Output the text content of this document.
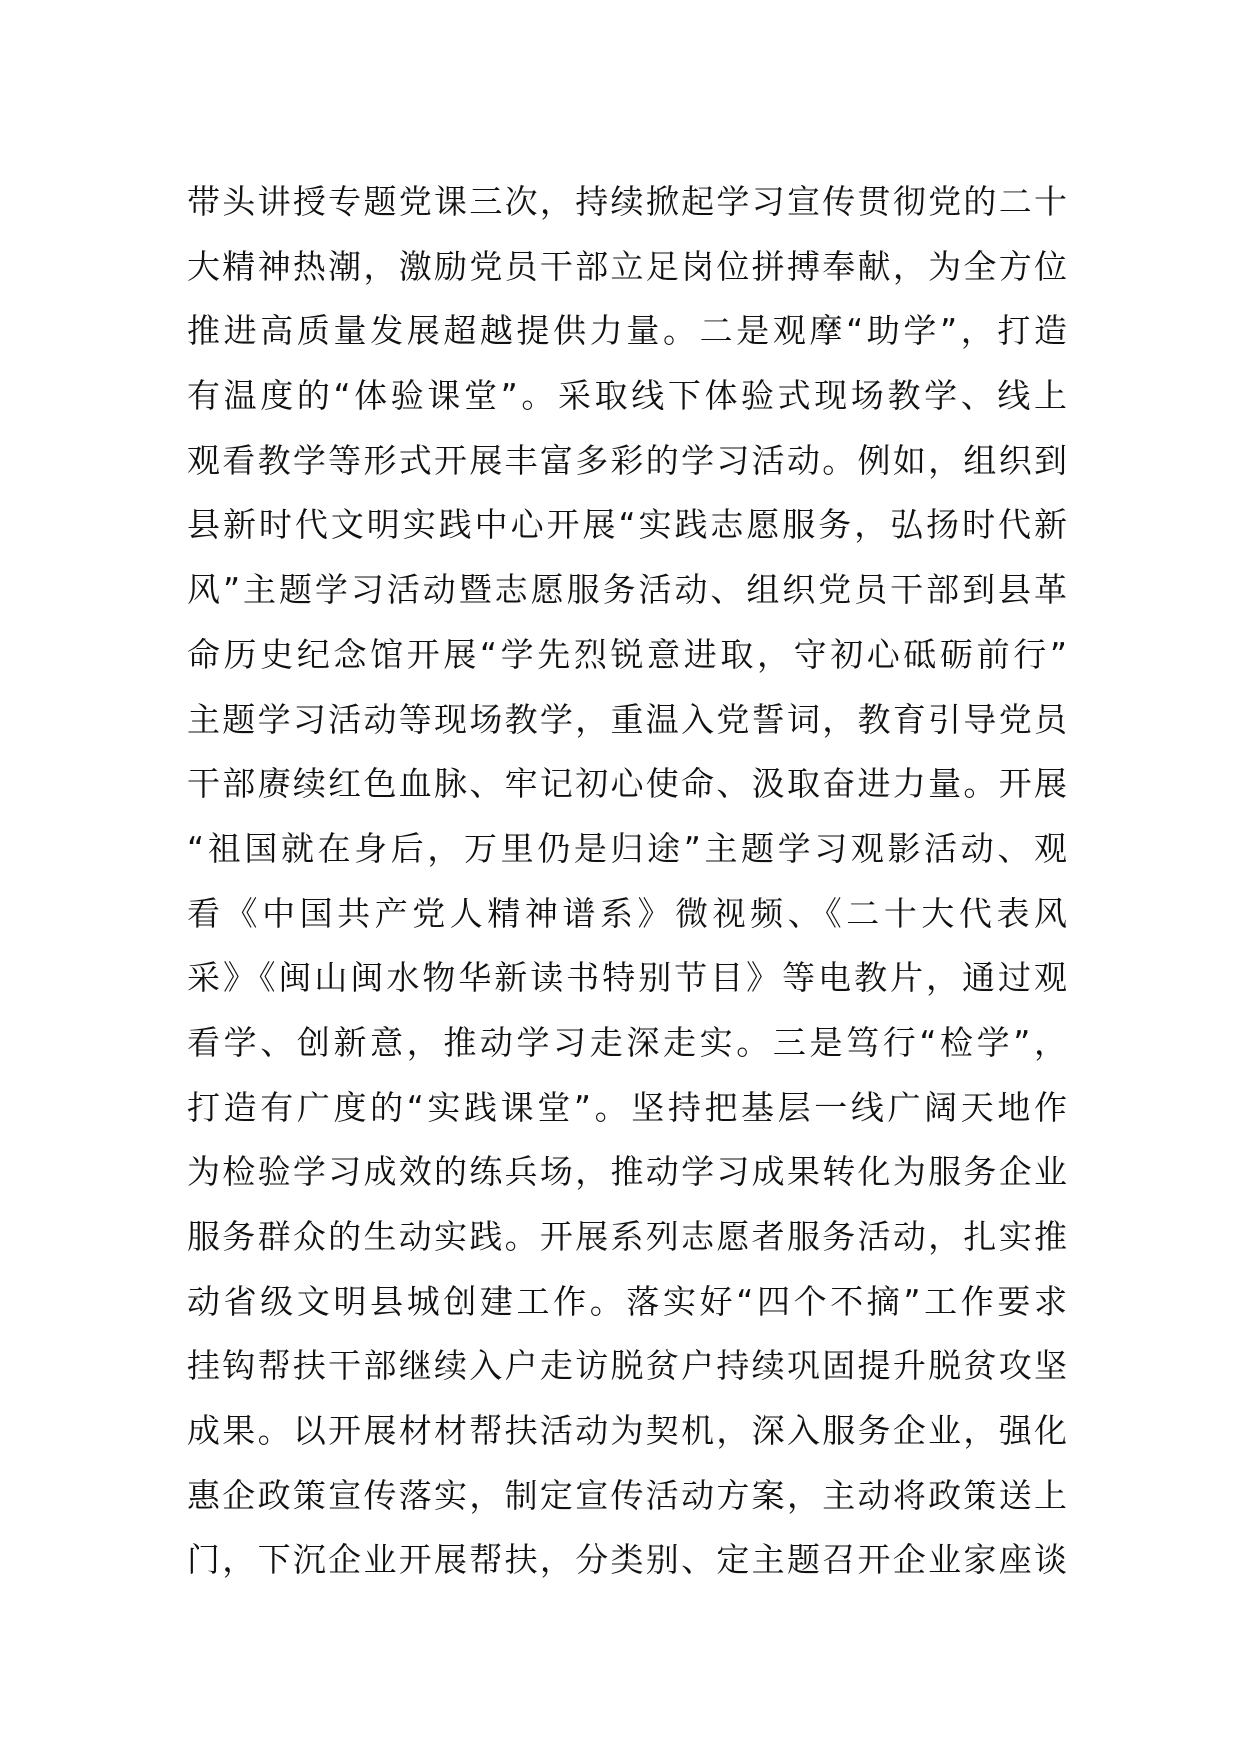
带头讲授专题党课三次，持续掀起学习宣传贯彻党的二十
大精神热潮，激励党员干部立足岗位拼搏奉献，为全方位
推进高质量发展超越提供力量。二是观摩“助学”，打造
有温度的“体验课堂”。采取线下体验式现场教学、线上
观看教学等形式开展丰富多彩的学习活动。例如，组织到
县新时代文明实践中心开展“实践志愿服务，弘扬时代新
风”主题学习活动暨志愿服务活动、组织党员干部到县革
命历史纪念馆开展“学先烈锐意进取，守初心砥砺前行”
主题学习活动等现场教学，重温入党誓词，教育引导党员
干部赓续红色血脉、牢记初心使命、汲取奋进力量。开展
“祖国就在身后，万里仍是归途”主题学习观影活动、观
看《中国共产党人精神谱系》微视频、《二十大代表风
采》《闽山闽水物华新读书特别节目》等电教片，通过观
看学、创新意，推动学习走深走实。三是笃行“检学”，
打造有广度的“实践课堂”。坚持把基层一线广阔天地作
为检验学习成效的练兵场，推动学习成果转化为服务企业
服务群众的生动实践。开展系列志愿者服务活动，扎实推
动省级文明县城创建工作。落实好“四个不摘”工作要求
挂钩帮扶干部继续入户走访脱贫户持续巩固提升脱贫攻坚
成果。以开展材材帮扶活动为契机，深入服务企业，强化
惠企政策宣传落实，制定宣传活动方案，主动将政策送上
门，下沉企业开展帮扶，分类别、定主题召开企业家座谈
